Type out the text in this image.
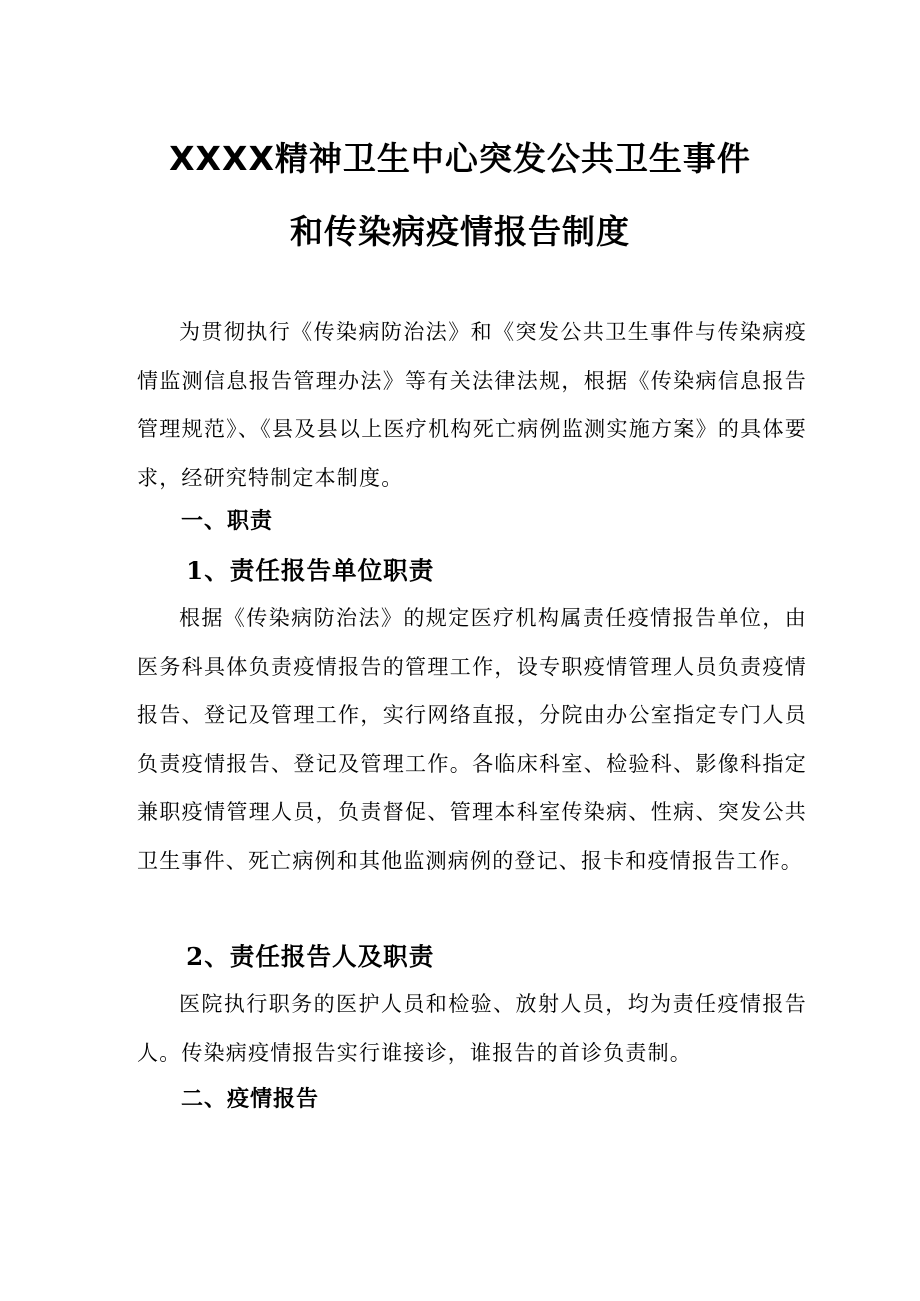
XXXX精神卫生中心突发公共卫生事件
和传染病疫情报告制度

为贯彻执行《传染病防治法》和《突发公共卫生事件与传染病疫情监测信息报告管理办法》等有关法律法规，根据《传染病信息报告管理规范》、《县及县以上医疗机构死亡病例监测实施方案》的具体要求，经研究特制定本制度。

一、职责
1、责任报告单位职责

根据《传染病防治法》的规定医疗机构属责任疫情报告单位，由医务科具体负责疫情报告的管理工作，设专职疫情管理人员负责疫情报告、登记及管理工作，实行网络直报，分院由办公室指定专门人员负责疫情报告、登记及管理工作。各临床科室、检验科、影像科指定兼职疫情管理人员，负责督促、管理本科室传染病、性病、突发公共卫生事件、死亡病例和其他监测病例的登记、报卡和疫情报告工作。

2、责任报告人及职责

医院执行职务的医护人员和检验、放射人员，均为责任疫情报告人。传染病疫情报告实行谁接诊，谁报告的首诊负责制。

二、疫情报告
